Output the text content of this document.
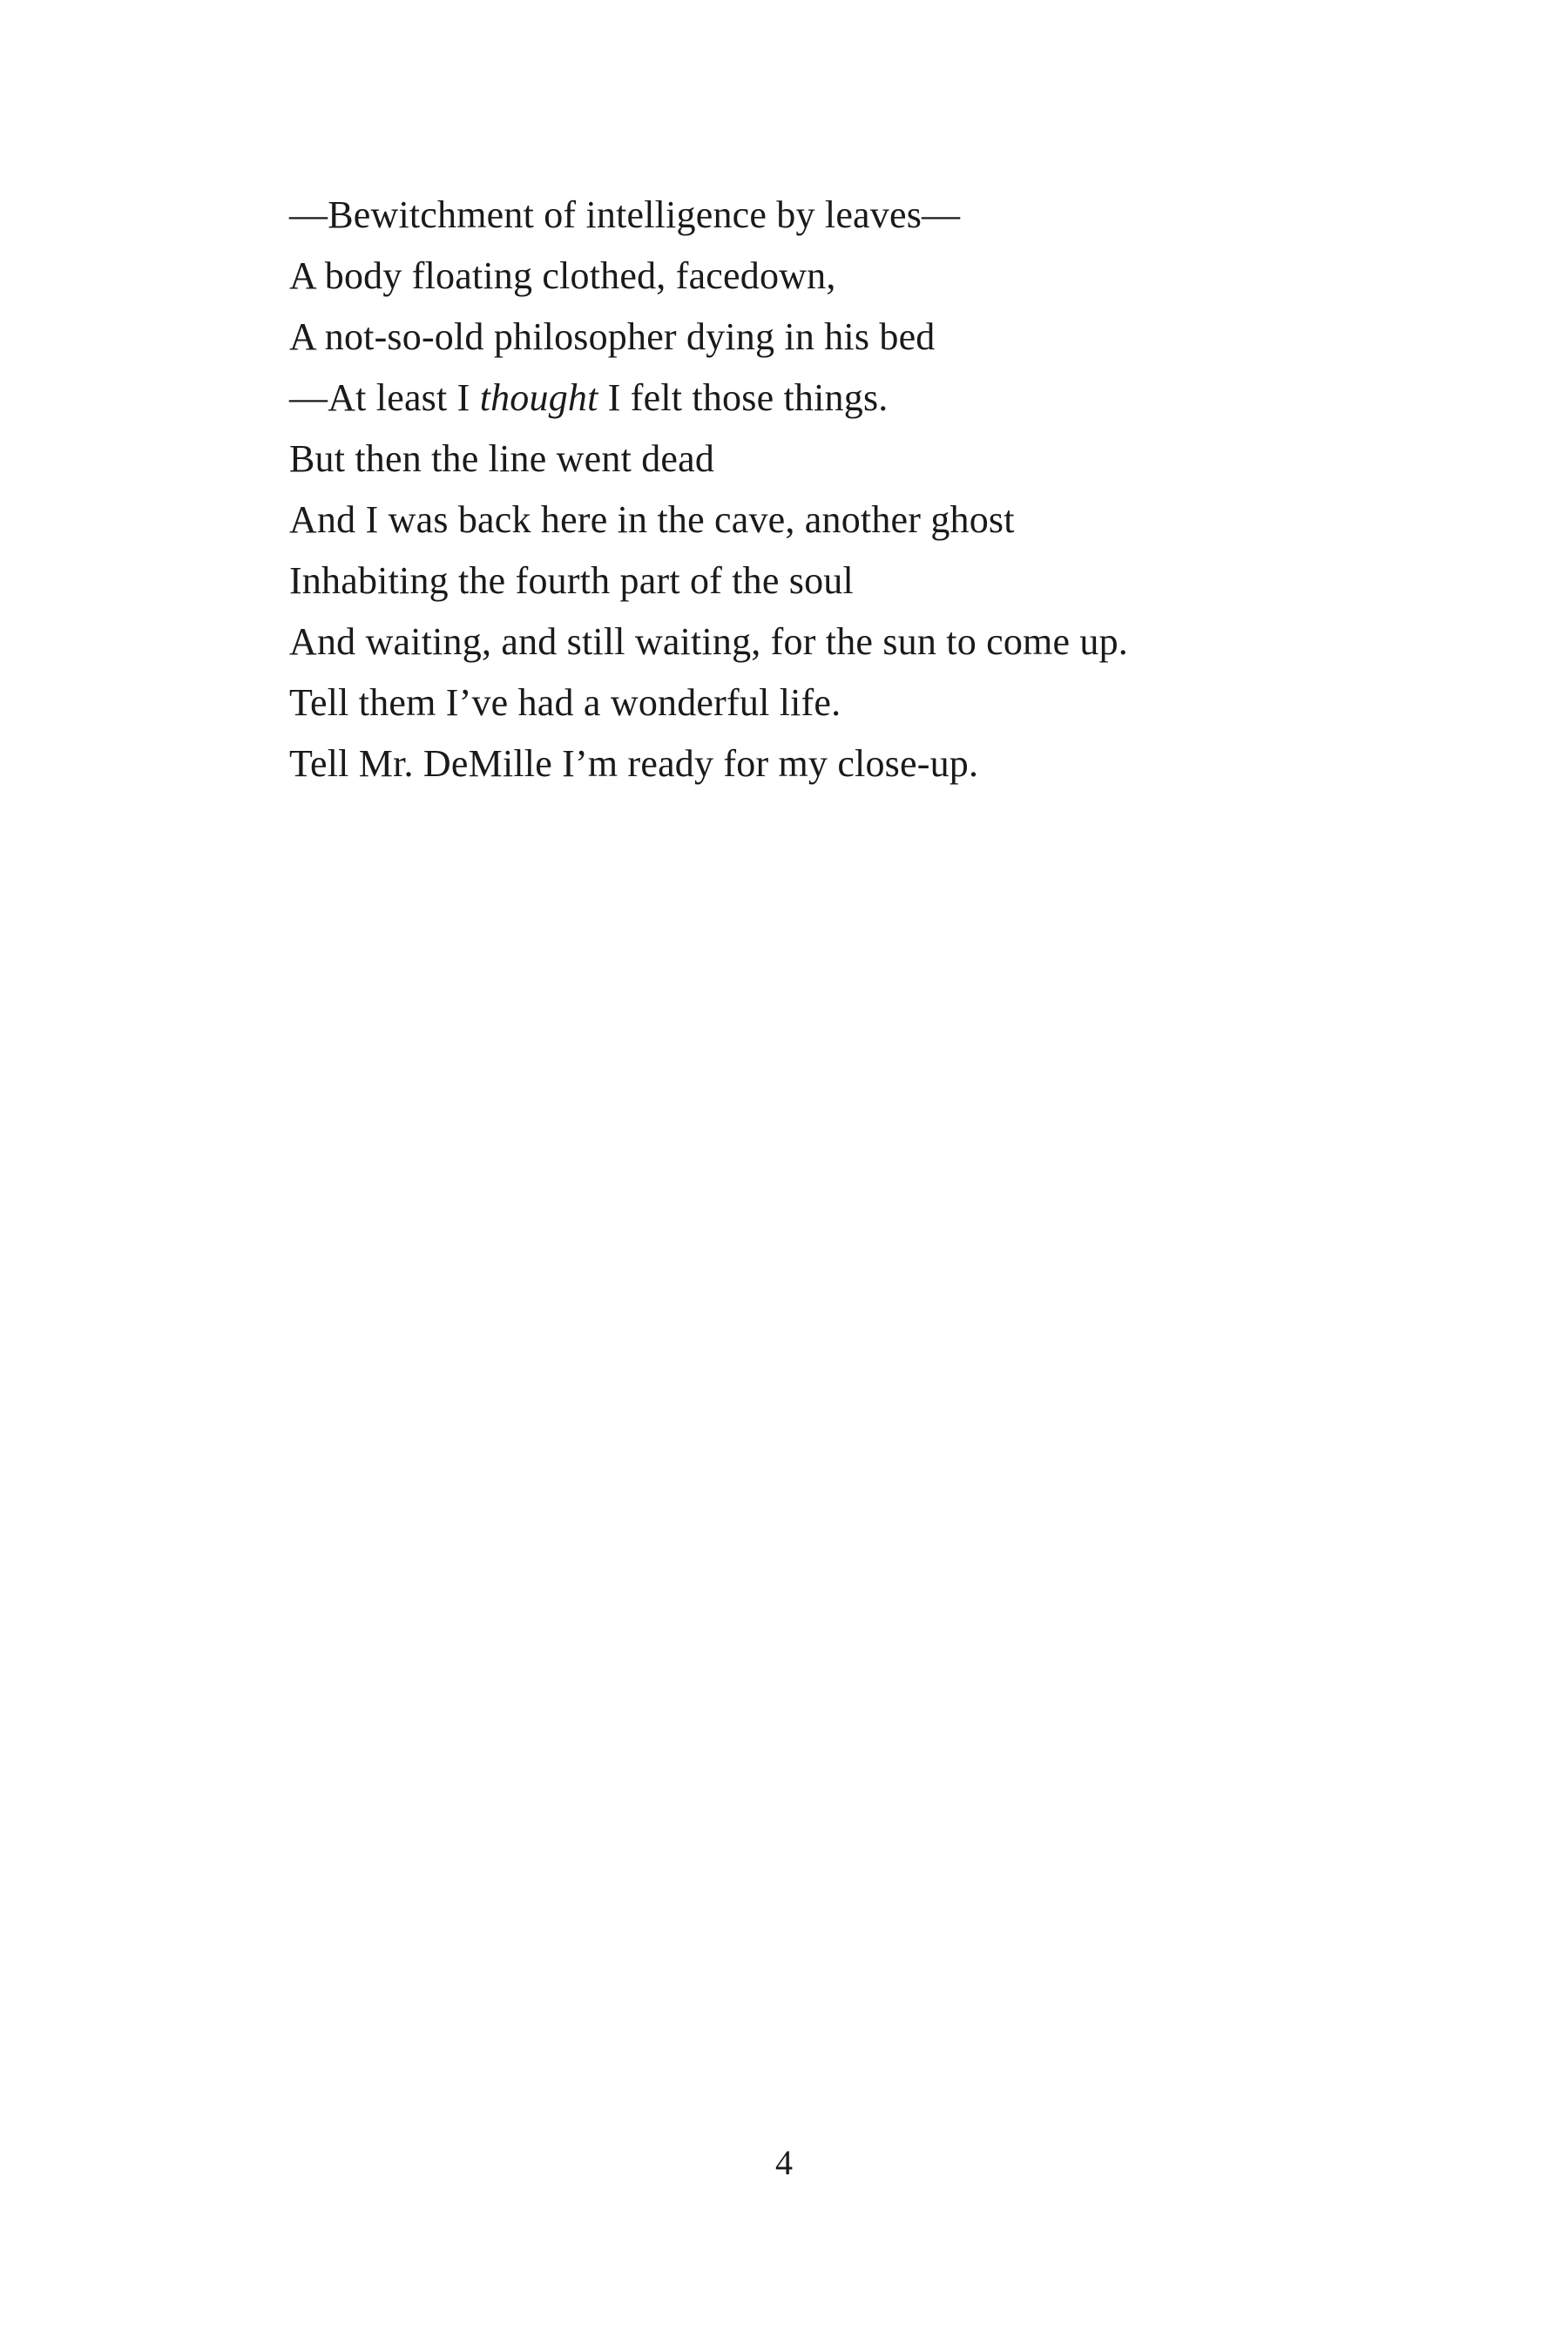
—Bewitchment of intelligence by leaves—
A body floating clothed, facedown,
A not-so-old philosopher dying in his bed
—At least I thought I felt those things.
But then the line went dead
And I was back here in the cave, another ghost
Inhabiting the fourth part of the soul
And waiting, and still waiting, for the sun to come up.
Tell them I’ve had a wonderful life.
Tell Mr. DeMille I’m ready for my close-up.
4
